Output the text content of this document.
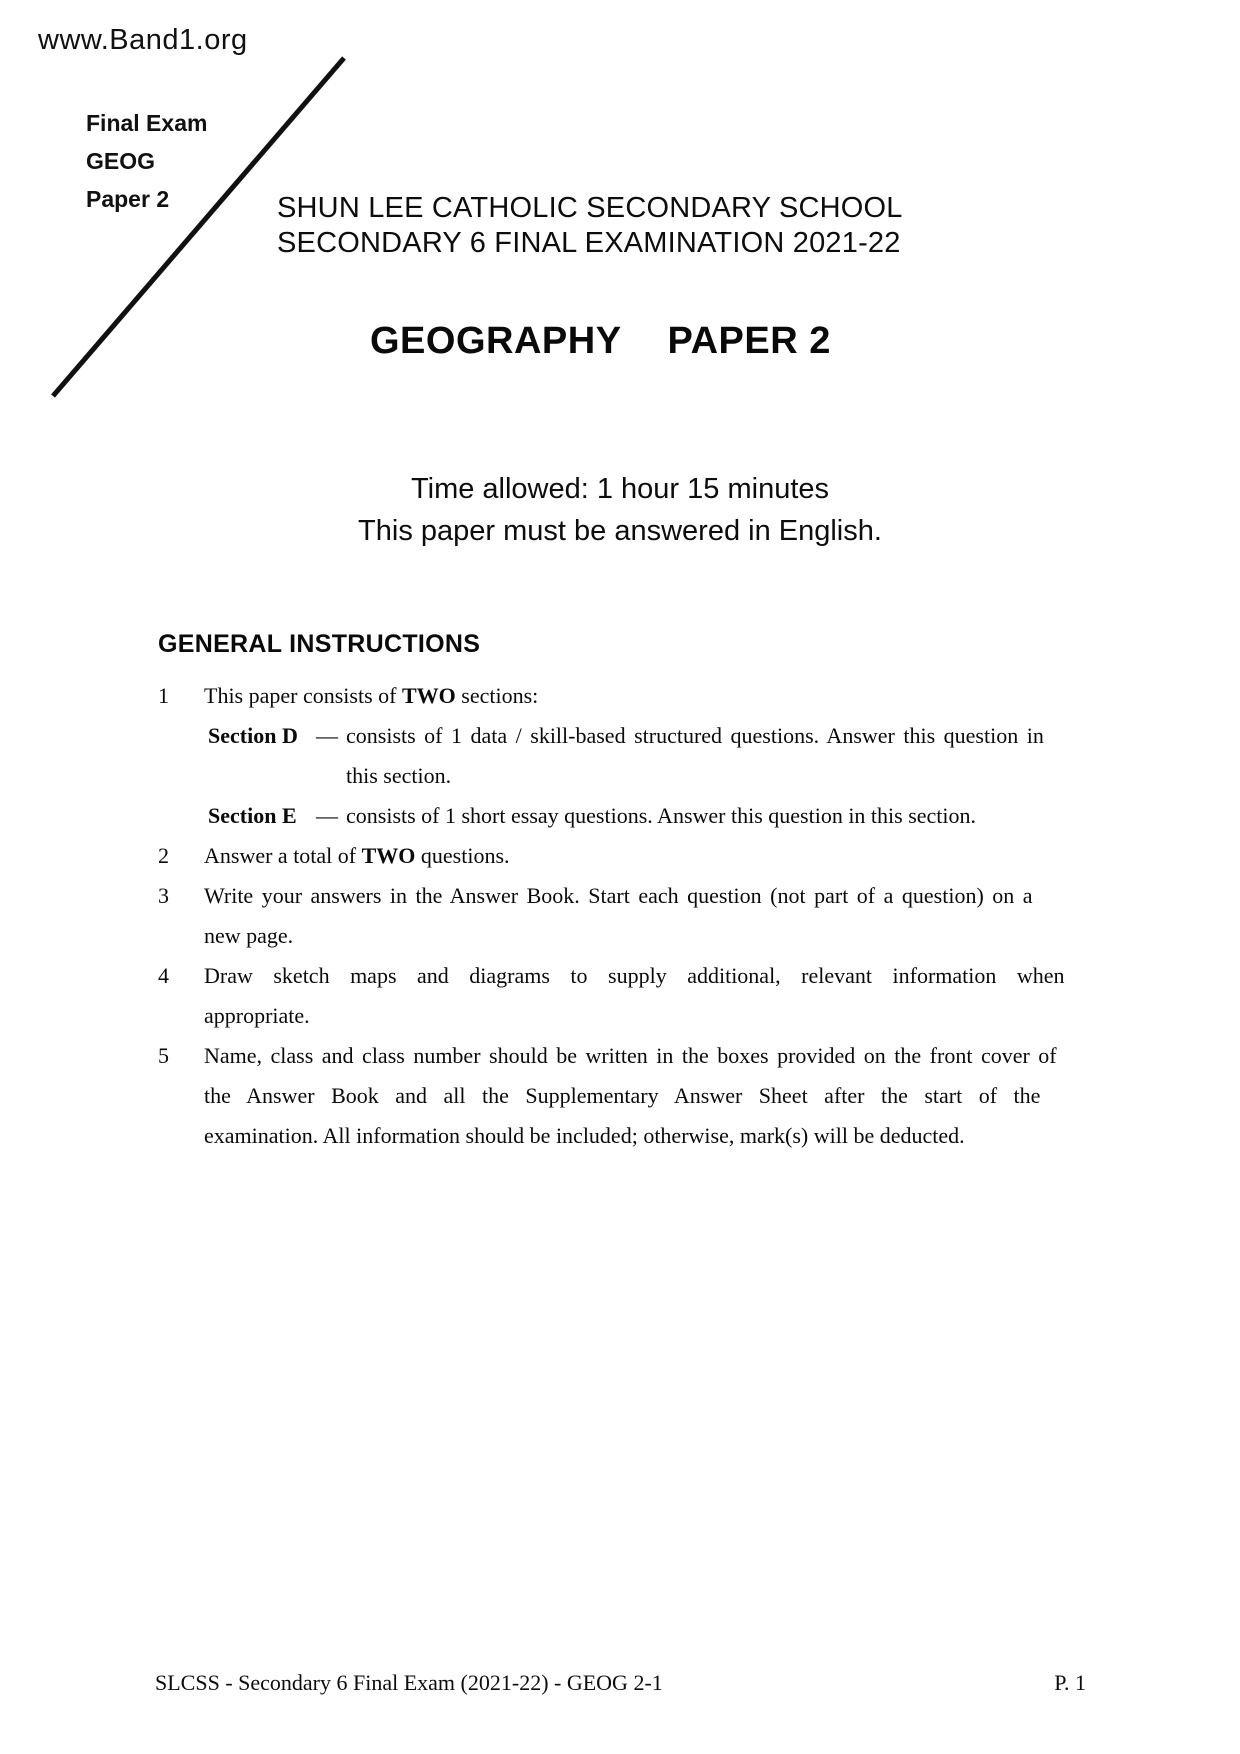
www.Band1.org
Final Exam
GEOG
Paper 2	SHUN LEE CATHOLIC SECONDARY SCHOOL
SECONDARY 6 FINAL EXAMINATION 2021-22
GEOGRAPHY PAPER 2
Time allowed: 1 hour 15 minutes
This paper must be answered in English.
GENERAL INSTRUCTIONS
1 This paper consists of TWO sections:
Section D — consists of 1 data / skill-based structured questions. Answer this question in
this section.
Section E — consists of 1 short essay questions. Answer this question in this section.
2 Answer a total of TWO questions.
3 Write your answers in the Answer Book. Start each question (not part of a question) on a
new page.
4 Draw sketch maps and diagrams to supply additional, relevant information when
appropriate.
5 Name, class and class number should be written in the boxes provided on the front cover of
the Answer Book and all the Supplementary Answer Sheet after the start of the
examination. All information should be included; otherwise, mark(s) will be deducted.
SLCSS - Secondary 6 Final Exam (2021-22) - GEOG 2-1	P. 1
